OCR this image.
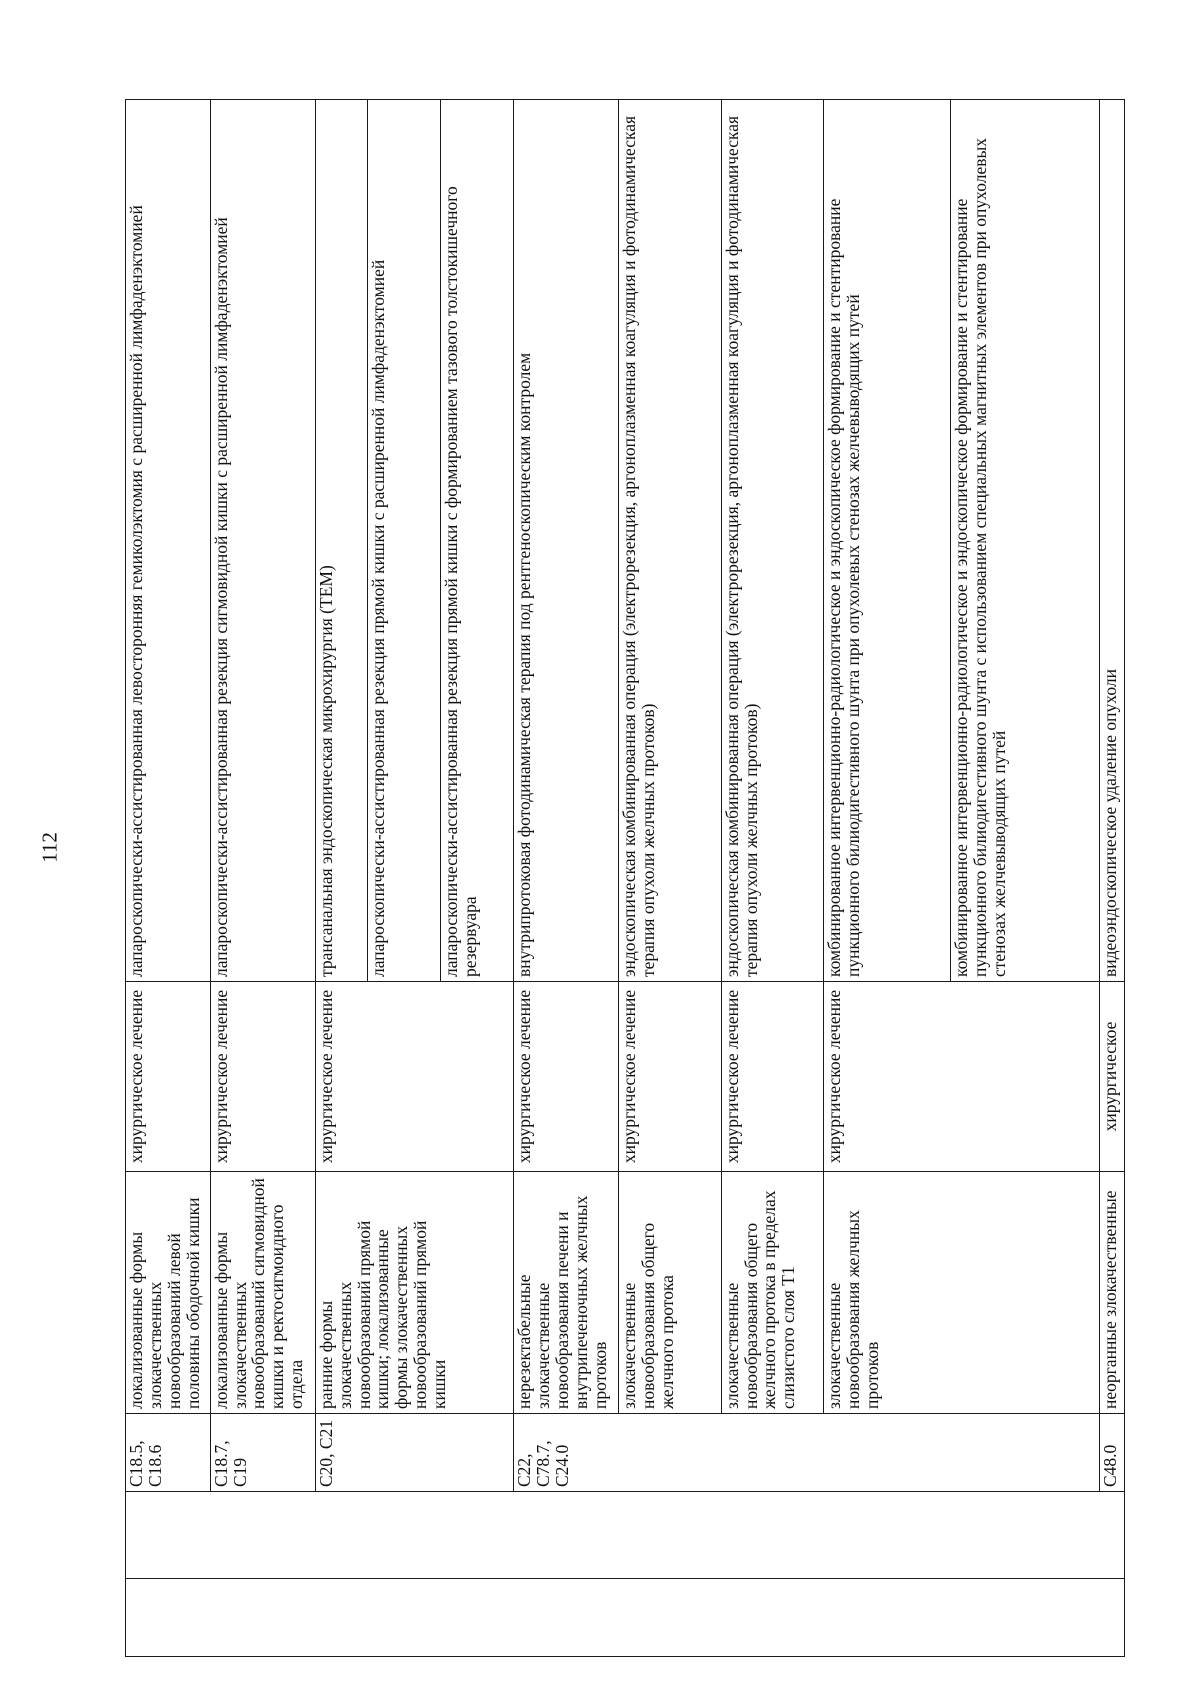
112
		C18.5, C18.6	локализованные формы злокачественных новообразований левой половины ободочной кишки	хирургическое лечение	лапароскопически-ассистированная левосторонняя гемиколэктомия с расширенной лимфаденэктомией
		C18.7, C19	локализованные формы злокачественных новообразований сигмовидной кишки и ректосигмоидного отдела	хирургическое лечение	лапароскопически-ассистированная резекция сигмовидной кишки с расширенной лимфаденэктомией
		C20, C21	ранние формы злокачественных новообразований прямой кишки; локализованные формы злокачественных новообразований прямой кишки	хирургическое лечение	трансанальная эндоскопическая микрохирургия (ТЕМ)
					лапароскопически-ассистированная резекция прямой кишки с расширенной лимфаденэктомией
					лапароскопически-ассистированная резекция прямой кишки с формированием тазового толстокишечного резервуара
		C22, C78.7, C24.0	нерезектабельные злокачественные новообразования печени и внутрипеченочных желчных протоков	хирургическое лечение	внутрипротоковая фотодинамическая терапия под рентгеноскопическим контролем
			злокачественные новообразования общего желчного протока	хирургическое лечение	эндоскопическая комбинированная операция (электрорезекция, аргоноплазменная коагуляция и фотодинамическая терапия опухоли желчных протоков)
			злокачественные новообразования общего желчного протока в пределах слизистого слоя T1	хирургическое лечение	эндоскопическая комбинированная операция (электрорезекция, аргоноплазменная коагуляция и фотодинамическая терапия опухоли желчных протоков)
			злокачественные новообразования желчных протоков	хирургическое лечение	комбинированное интервенционно-радиологическое и эндоскопическое формирование и стентирование пункционного билиодигестивного шунта при опухолевых стенозах желчевыводящих путей
					комбинированное интервенционно-радиологическое и эндоскопическое формирование и стентирование пункционного билиодигестивного шунта с использованием специальных магнитных элементов при опухолевых стенозах желчевыводящих путей
		C48.0	неорганные злокачественные	хирургическое	видеоэндоскопическое удаление опухоли
